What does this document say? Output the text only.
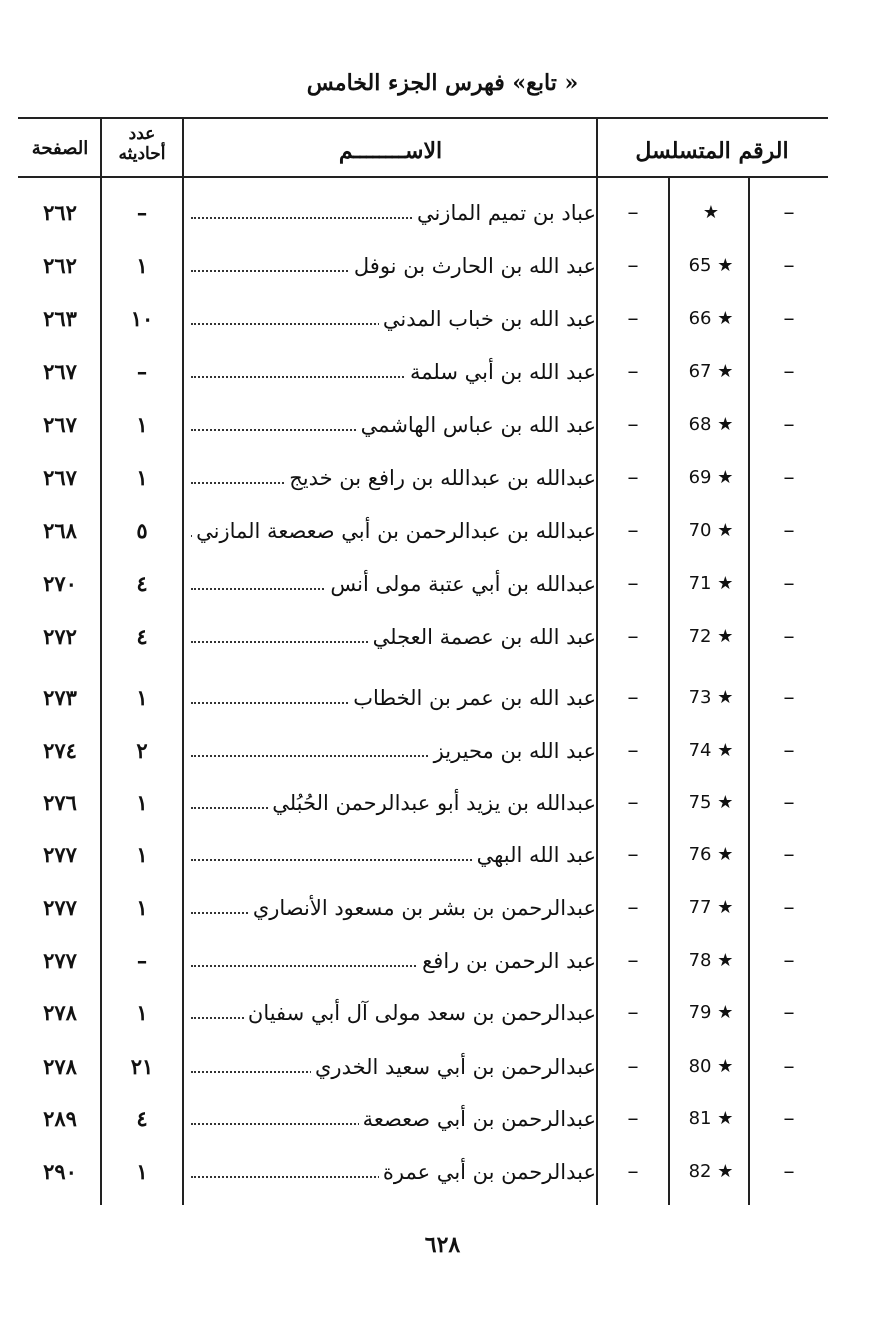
« تابع» فهرس الجزء الخامس
الرقم المتسلسل
الاســــــــم
عدد
أحاديثه
الصفحة
–
★
–
عباد بن تميم المازني
–
٢٦٢
–
65 ★
–
عبد الله بن الحارث بن نوفل
١
٢٦٢
–
66 ★
–
عبد الله بن خباب المدني
١٠
٢٦٣
–
67 ★
–
عبد الله بن أبي سلمة
–
٢٦٧
–
68 ★
–
عبد الله بن عباس الهاشمي
١
٢٦٧
–
69 ★
–
عبدالله بن عبدالله بن رافع بن خديج
١
٢٦٧
–
70 ★
–
عبدالله بن عبدالرحمن بن أبي صعصعة المازني
٥
٢٦٨
–
71 ★
–
عبدالله بن أبي عتبة مولى أنس
٤
٢٧٠
–
72 ★
–
عبد الله بن عصمة العجلي
٤
٢٧٢
–
73 ★
–
عبد الله بن عمر بن الخطاب
١
٢٧٣
–
74 ★
–
عبد الله بن محيريز
٢
٢٧٤
–
75 ★
–
عبدالله بن يزيد أبو عبدالرحمن الحُبُلي
١
٢٧٦
–
76 ★
–
عبد الله البهي
١
٢٧٧
–
77 ★
–
عبدالرحمن بن بشر بن مسعود الأنصاري
١
٢٧٧
–
78 ★
–
عبد الرحمن بن رافع
–
٢٧٧
–
79 ★
–
عبدالرحمن بن سعد مولى آل أبي سفيان
١
٢٧٨
–
80 ★
–
عبدالرحمن بن أبي سعيد الخدري
٢١
٢٧٨
–
81 ★
–
عبدالرحمن بن أبي صعصعة
٤
٢٨٩
–
82 ★
–
عبدالرحمن بن أبي عمرة
١
٢٩٠
٦٢٨
